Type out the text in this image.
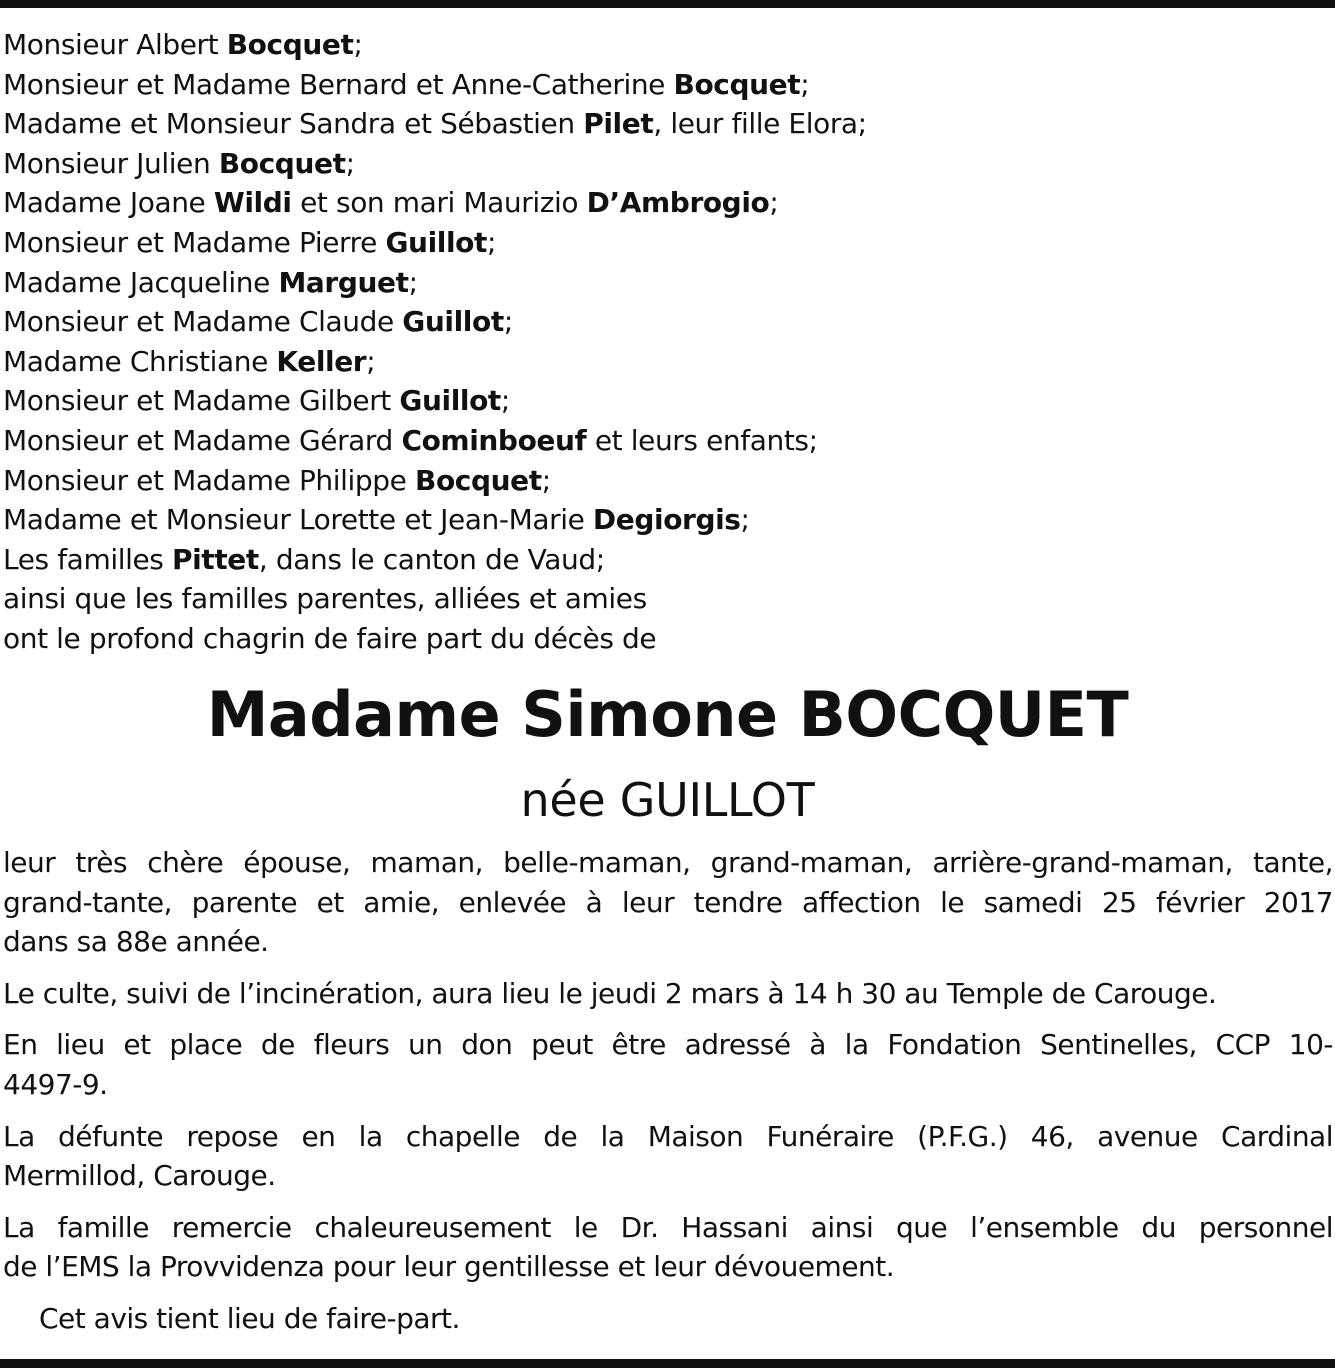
Monsieur Albert Bocquet;
Monsieur et Madame Bernard et Anne-Catherine Bocquet;
Madame et Monsieur Sandra et Sébastien Pilet, leur fille Elora;
Monsieur Julien Bocquet;
Madame Joane Wildi et son mari Maurizio D’Ambrogio;
Monsieur et Madame Pierre Guillot;
Madame Jacqueline Marguet;
Monsieur et Madame Claude Guillot;
Madame Christiane Keller;
Monsieur et Madame Gilbert Guillot;
Monsieur et Madame Gérard Cominboeuf et leurs enfants;
Monsieur et Madame Philippe Bocquet;
Madame et Monsieur Lorette et Jean-Marie Degiorgis;
Les familles Pittet, dans le canton de Vaud;
ainsi que les familles parentes, alliées et amies
ont le profond chagrin de faire part du décès de
Madame Simone BOCQUET
née GUILLOT
leur très chère épouse, maman, belle-maman, grand-maman, arrière-grand-maman, tante,
grand-tante, parente et amie, enlevée à leur tendre affection le samedi 25 février 2017
dans sa 88e année.
Le culte, suivi de l’incinération, aura lieu le jeudi 2 mars à 14 h 30 au Temple de Carouge.
En lieu et place de fleurs un don peut être adressé à la Fondation Sentinelles, CCP 10-
4497-9.
La défunte repose en la chapelle de la Maison Funéraire (P.F.G.) 46, avenue Cardinal
Mermillod, Carouge.
La famille remercie chaleureusement le Dr. Hassani ainsi que l’ensemble du personnel
de l’EMS la Provvidenza pour leur gentillesse et leur dévouement.
Cet avis tient lieu de faire-part.
